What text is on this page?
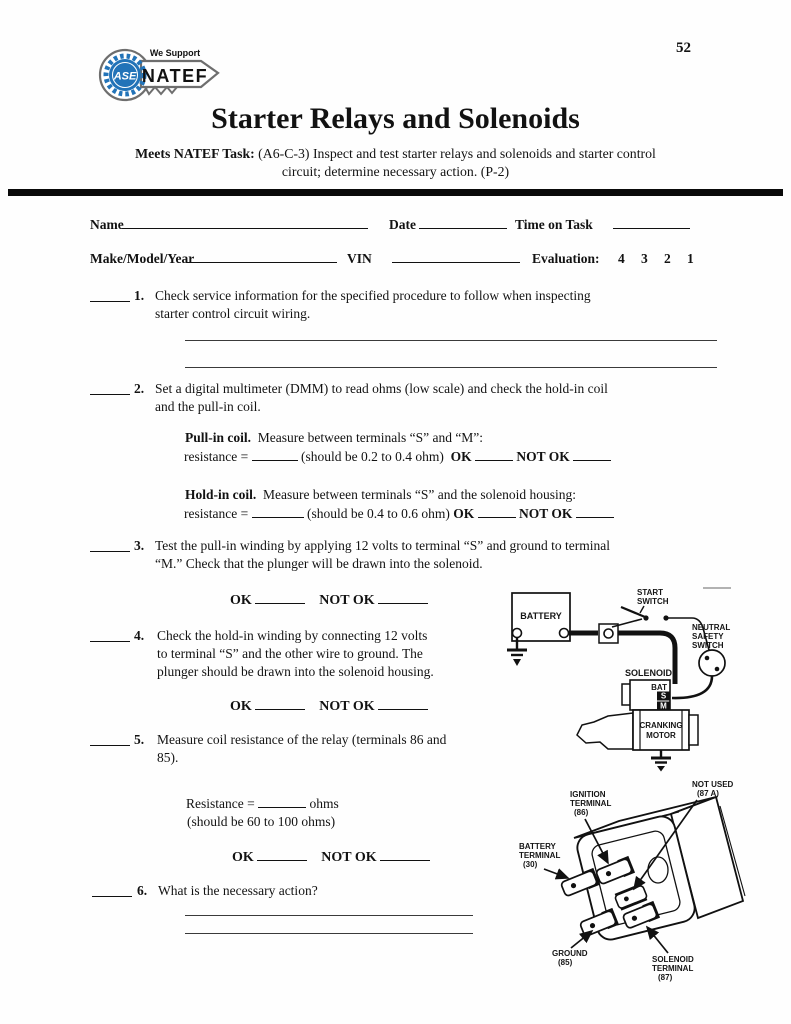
ASE
We Support
NATEF
52
Starter Relays and Solenoids
Meets NATEF Task: (A6-C-3) Inspect and test starter relays and solenoids and starter control
circuit; determine necessary action. (P-2)
Name	Date	Time on Task
Make/Model/Year	VIN	Evaluation: 4 3 2 1
1. Check service information for the specified procedure to follow when inspecting
starter control circuit wiring.
2. Set a digital multimeter (DMM) to read ohms (low scale) and check the hold-in coil
and the pull-in coil.
Pull-in coil. Measure between terminals “S” and “M”:
resistance =	(should be 0.2 to 0.4 ohm) OK	NOT OK
Hold-in coil. Measure between terminals “S” and the solenoid housing:
resistance =	(should be 0.4 to 0.6 ohm) OK	NOT OK
3. Test the pull-in winding by applying 12 volts to terminal “S” and ground to terminal
“M.” Check that the plunger will be drawn into the solenoid.
OK	NOT OK
4. Check the hold-in winding by connecting 12 volts
to terminal “S” and the other wire to ground. The
plunger should be drawn into the solenoid housing.
OK	NOT OK
5. Measure coil resistance of the relay (terminals 86 and
85).
Resistance =	ohms
(should be 60 to 100 ohms)
OK	NOT OK
6. What is the necessary action?
BATTERY
START
SWITCH
NEUTRAL
SAFETY
SWITCH
SOLENOID
BAT
S
M
CRANKING
MOTOR
IGNITION
TERMINAL
(86)
NOT USED
(87 A)
BATTERY
TERMINAL
(30)
GROUND
(85)	SOLENOID
TERMINAL
(87)
